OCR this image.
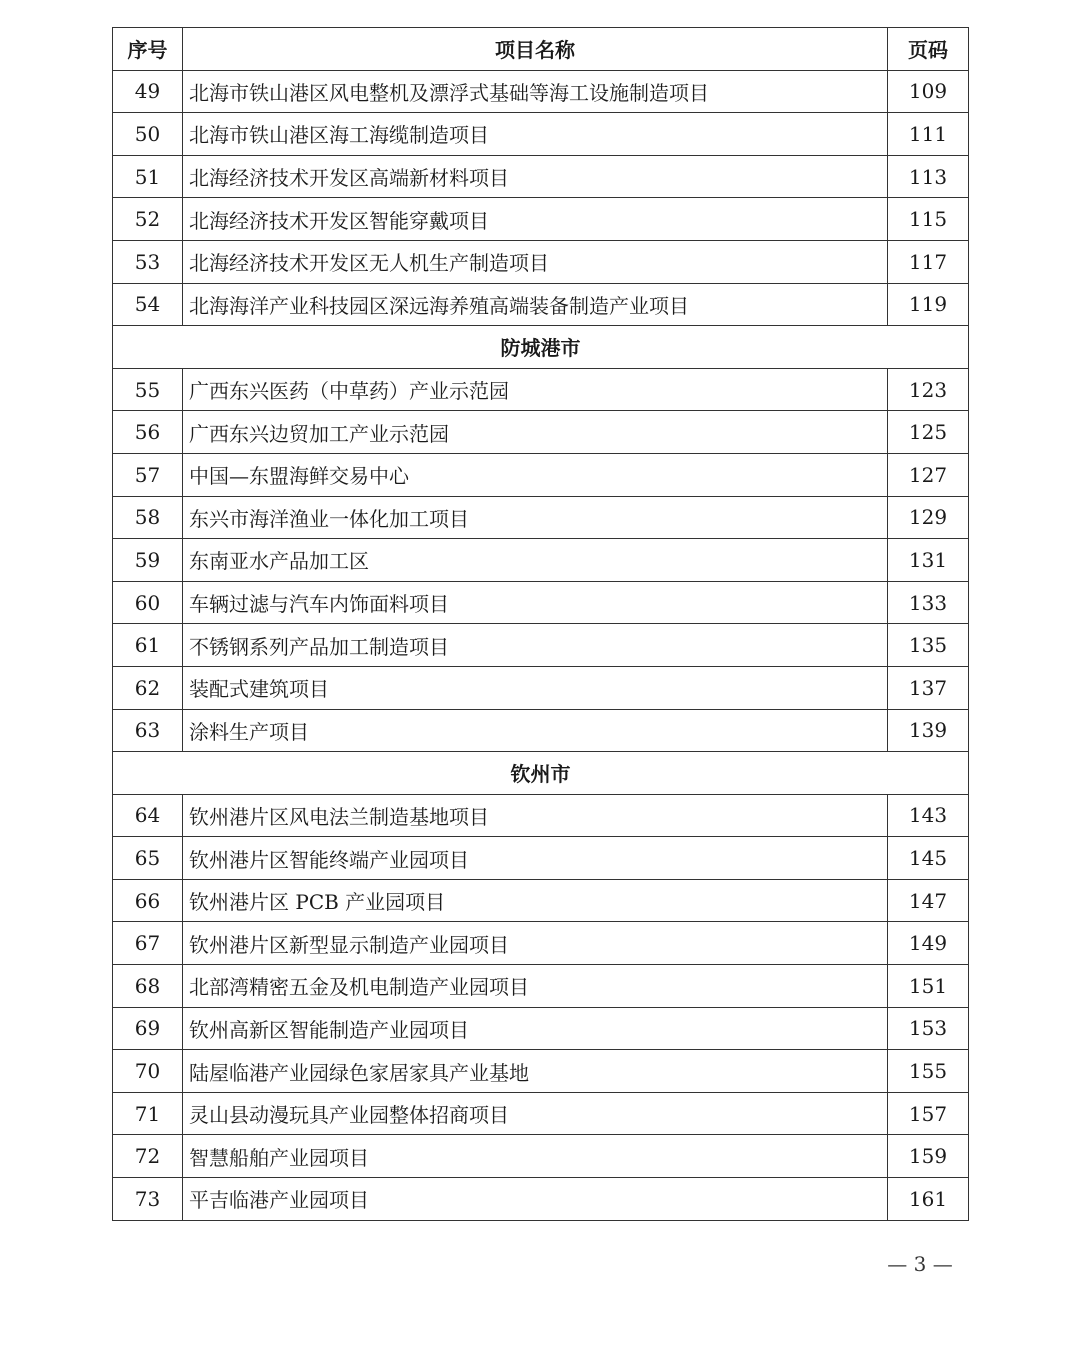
序号	项目名称	页码
49	北海市铁山港区风电整机及漂浮式基础等海工设施制造项目	109
50	北海市铁山港区海工海缆制造项目	111
51	北海经济技术开发区高端新材料项目	113
52	北海经济技术开发区智能穿戴项目	115
53	北海经济技术开发区无人机生产制造项目	117
54	北海海洋产业科技园区深远海养殖高端装备制造产业项目	119
防城港市		
55	广西东兴医药（中草药）产业示范园	123
56	广西东兴边贸加工产业示范园	125
57	中国—东盟海鲜交易中心	127
58	东兴市海洋渔业一体化加工项目	129
59	东南亚水产品加工区	131
60	车辆过滤与汽车内饰面料项目	133
61	不锈钢系列产品加工制造项目	135
62	装配式建筑项目	137
63	涂料生产项目	139
钦州市		
64	钦州港片区风电法兰制造基地项目	143
65	钦州港片区智能终端产业园项目	145
66	钦州港片区 PCB 产业园项目	147
67	钦州港片区新型显示制造产业园项目	149
68	北部湾精密五金及机电制造产业园项目	151
69	钦州高新区智能制造产业园项目	153
70	陆屋临港产业园绿色家居家具产业基地	155
71	灵山县动漫玩具产业园整体招商项目	157
72	智慧船舶产业园项目	159
73	平吉临港产业园项目	161
— 3 —
